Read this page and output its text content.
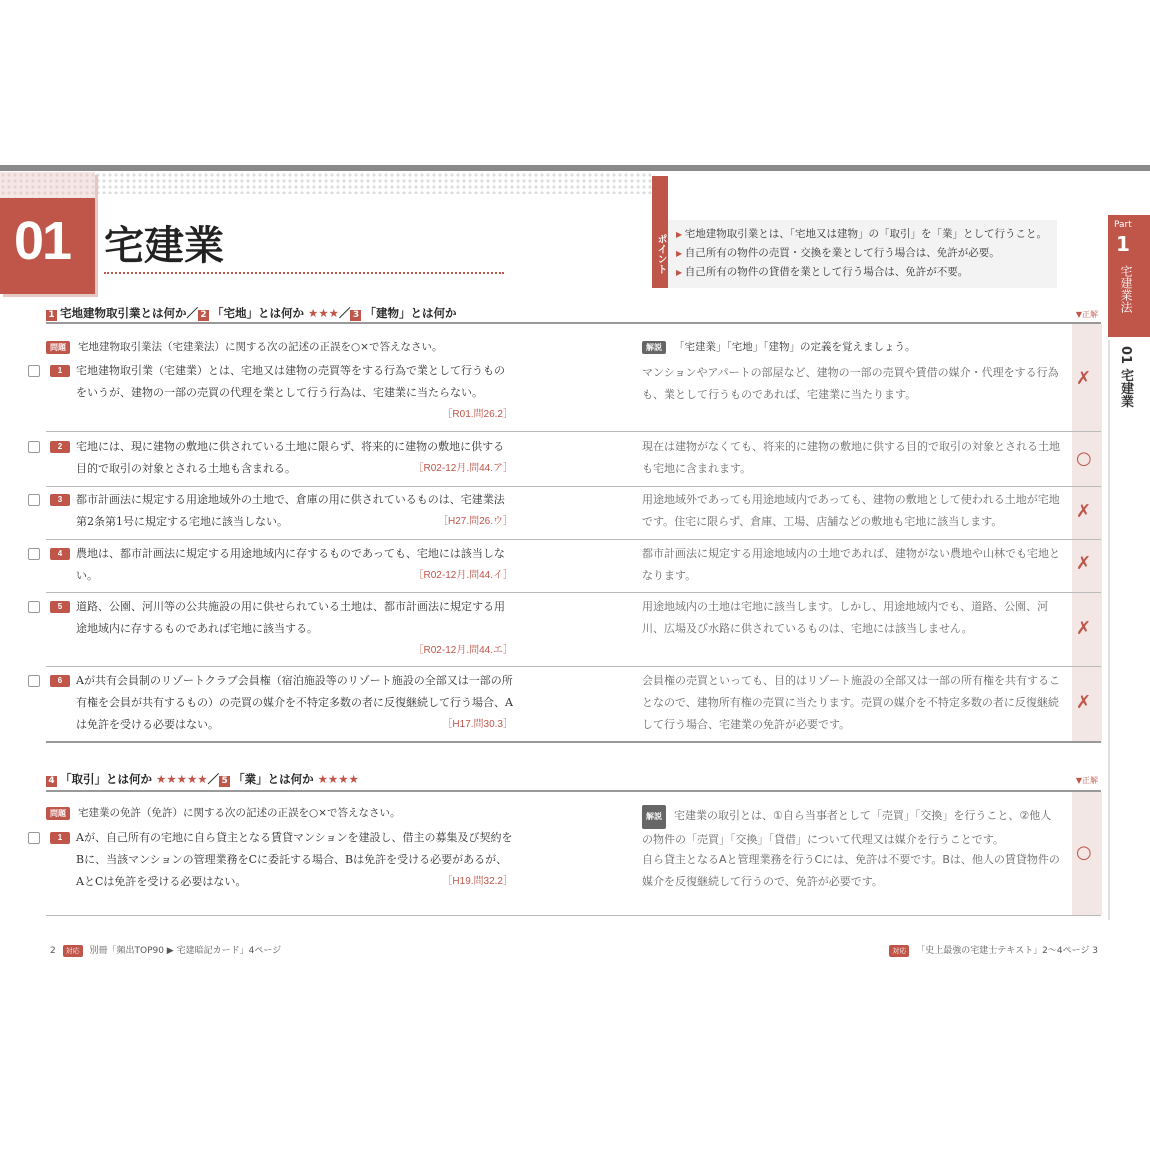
01 宅建業	ポイント
▶	宅地建物取引業とは、「宅地又は建物」の「取引」を「業」として行うこと。
▶ 自己所有の物件の売買・交換を業として行う場合は、免許が必要。
▶ 自己所有の物件の貸借を業として行う場合は、免許が不要。
Part
1
宅建業法
01 宅建業
1 宅地建物取引業とは何か／ 2 「宅地」とは何か ★★★／ 3 「建物」とは何か	▼正解
問題 宅地建物取引業法（宅建業法）に関する次の記述の正誤を○×で答えなさい。	解説 「宅建業」「宅地」「建物」の定義を覚えましょう。
1	宅地建物取引業（宅建業）とは、宅地又は建物の売買等をする行為で業として行うものをいうが、建物の一部の売買の代理を業として行う行為は、宅建業に当たらない。
［R01.問26.2］
マンションやアパートの部屋など、建物の一部の売買や賃借の媒介・代理をする行為も、業として行うものであれば、宅建業に当たります。
✗
2	宅地には、現に建物の敷地に供されている土地に限らず、将来的に建物の敷地に供する目的で取引の対象とされる土地も含まれる。	［R02-12月.問44.ア］
現在は建物がなくても、将来的に建物の敷地に供する目的で取引の対象とされる土地も宅地に含まれます。	○
3	都市計画法に規定する用途地域外の土地で、倉庫の用に供されているものは、宅建業法第2条第1号に規定する宅地に該当しない。	［H27.問26.ウ］
用途地域外であっても用途地域内であっても、建物の敷地として使われる土地が宅地です。住宅に限らず、倉庫、工場、店舗などの敷地も宅地に該当します。	✗
4	農地は、都市計画法に規定する用途地域内に存するものであっても、宅地には該当しない。	［R02-12月.問44.イ］
都市計画法に規定する用途地域内の土地であれば、建物がない農地や山林でも宅地となります。
✗
5	道路、公園、河川等の公共施設の用に供せられている土地は、都市計画法に規定する用途地域内に存するものであれば宅地に該当する。
［R02-12月.問44.エ］
用途地域内の土地は宅地に該当します。しかし、用途地域内でも、道路、公園、河川、広場及び水路に供されているものは、宅地には該当しません。	✗
6	Aが共有会員制のリゾートクラブ会員権（宿泊施設等のリゾート施設の全部又は一部の所有権を会員が共有するもの）の売買の媒介を不特定多数の者に反復継続して行う場合、Aは免許を受ける必要はない。	［H17.問30.3］
会員権の売買といっても、目的はリゾート施設の全部又は一部の所有権を共有することなので、建物所有権の売買に当たります。売買の媒介を不特定多数の者に反復継続して行う場合、宅建業の免許が必要です。
✗
4 「取引」とは何か ★★★★★／ 5 「業」とは何か ★★★★	▼正解
問題 宅建業の免許（免許）に関する次の記述の正誤を○×で答えなさい。
1	Aが、自己所有の宅地に自ら貸主となる賃貸マンションを建設し、借主の募集及び契約をBに、当該マンションの管理業務をCに委託する場合、Bは免許を受ける必要があるが、AとCは免許を受ける必要はない。	［H19.問32.2］
解説 宅建業の取引とは、①自ら当事者として「売買」「交換」を行うこと、②他人の物件の「売買」「交換」「貸借」について代理又は媒介を行うことです。
自ら貸主となるAと管理業務を行うCには、免許は不要です。Bは、他人の賃貸物件の媒介を反復継続して行うので、免許が必要です。
○
2 対応 別冊「頻出TOP90 ▶ 宅建暗記カード」4ページ	対応 「史上最強の宅建士テキスト」2〜4ページ 3
